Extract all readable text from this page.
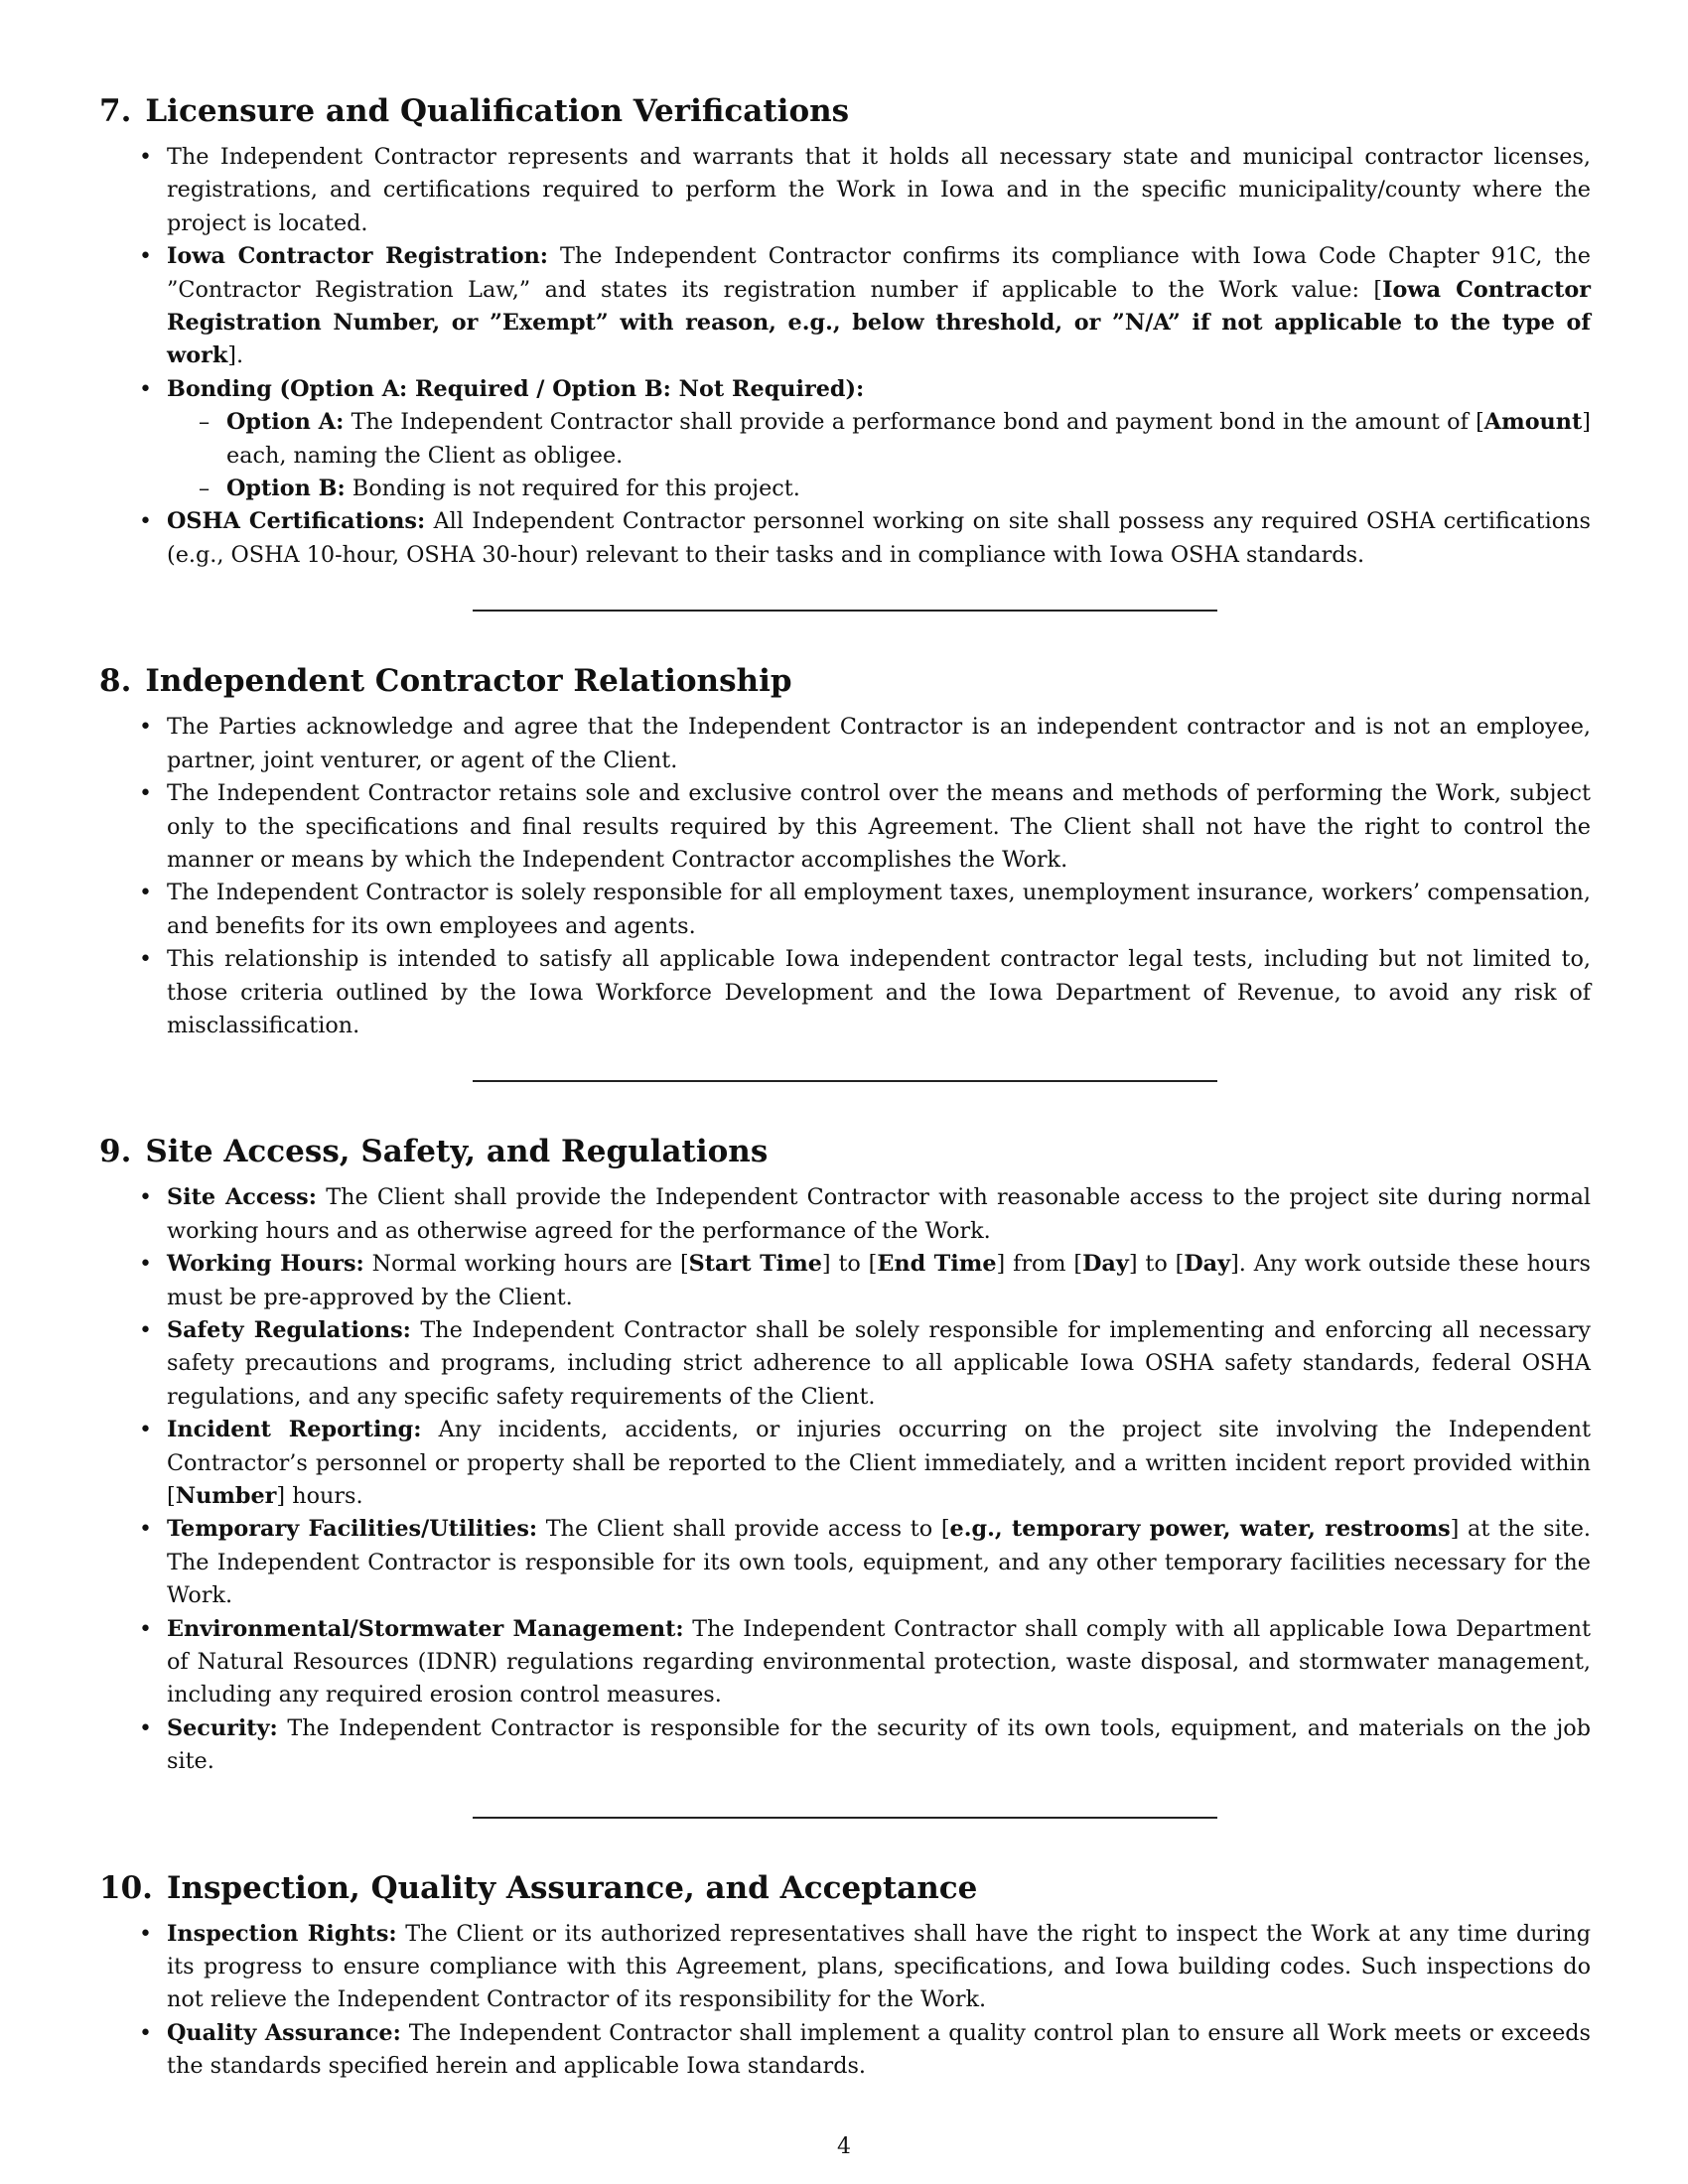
7. Licensure and Qualification Verifications
• The Independent Contractor represents and warrants that it holds all necessary state and municipal contractor licenses, registrations, and certifications required to perform the Work in Iowa and in the specific municipality/county where the project is located.
• Iowa Contractor Registration: The Independent Contractor confirms its compliance with Iowa Code Chapter 91C, the ”Contractor Registration Law,” and states its registration number if applicable to the Work value: [Iowa Contractor Registration Number, or ”Exempt” with reason, e.g., below threshold, or ”N/A” if not applicable to the type of work].
• Bonding (Option A: Required / Option B: Not Required):
– Option A: The Independent Contractor shall provide a performance bond and payment bond in the amount of [Amount] each, naming the Client as obligee.
– Option B: Bonding is not required for this project.
• OSHA Certifications: All Independent Contractor personnel working on site shall possess any required OSHA certifications (e.g., OSHA 10-hour, OSHA 30-hour) relevant to their tasks and in compliance with Iowa OSHA standards.
8. Independent Contractor Relationship
• The Parties acknowledge and agree that the Independent Contractor is an independent contractor and is not an employee, partner, joint venturer, or agent of the Client.
• The Independent Contractor retains sole and exclusive control over the means and methods of performing the Work, subject only to the specifications and final results required by this Agreement. The Client shall not have the right to control the manner or means by which the Independent Contractor accomplishes the Work.
• The Independent Contractor is solely responsible for all employment taxes, unemployment insurance, workers’ compensation, and benefits for its own employees and agents.
• This relationship is intended to satisfy all applicable Iowa independent contractor legal tests, including but not limited to, those criteria outlined by the Iowa Workforce Development and the Iowa Department of Revenue, to avoid any risk of misclassification.
9. Site Access, Safety, and Regulations
• Site Access: The Client shall provide the Independent Contractor with reasonable access to the project site during normal working hours and as otherwise agreed for the performance of the Work.
• Working Hours: Normal working hours are [Start Time] to [End Time] from [Day] to [Day]. Any work outside these hours must be pre-approved by the Client.
• Safety Regulations: The Independent Contractor shall be solely responsible for implementing and enforcing all necessary safety precautions and programs, including strict adherence to all applicable Iowa OSHA safety standards, federal OSHA regulations, and any specific safety requirements of the Client.
• Incident Reporting: Any incidents, accidents, or injuries occurring on the project site involving the Independent Contractor’s personnel or property shall be reported to the Client immediately, and a written incident report provided within [Number] hours.
• Temporary Facilities/Utilities: The Client shall provide access to [e.g., temporary power, water, restrooms] at the site. The Independent Contractor is responsible for its own tools, equipment, and any other temporary facilities necessary for the Work.
• Environmental/Stormwater Management: The Independent Contractor shall comply with all applicable Iowa Department of Natural Resources (IDNR) regulations regarding environmental protection, waste disposal, and stormwater management, including any required erosion control measures.
• Security: The Independent Contractor is responsible for the security of its own tools, equipment, and materials on the job site.
10. Inspection, Quality Assurance, and Acceptance
• Inspection Rights: The Client or its authorized representatives shall have the right to inspect the Work at any time during its progress to ensure compliance with this Agreement, plans, specifications, and Iowa building codes. Such inspections do not relieve the Independent Contractor of its responsibility for the Work.
• Quality Assurance: The Independent Contractor shall implement a quality control plan to ensure all Work meets or exceeds the standards specified herein and applicable Iowa standards.
4
